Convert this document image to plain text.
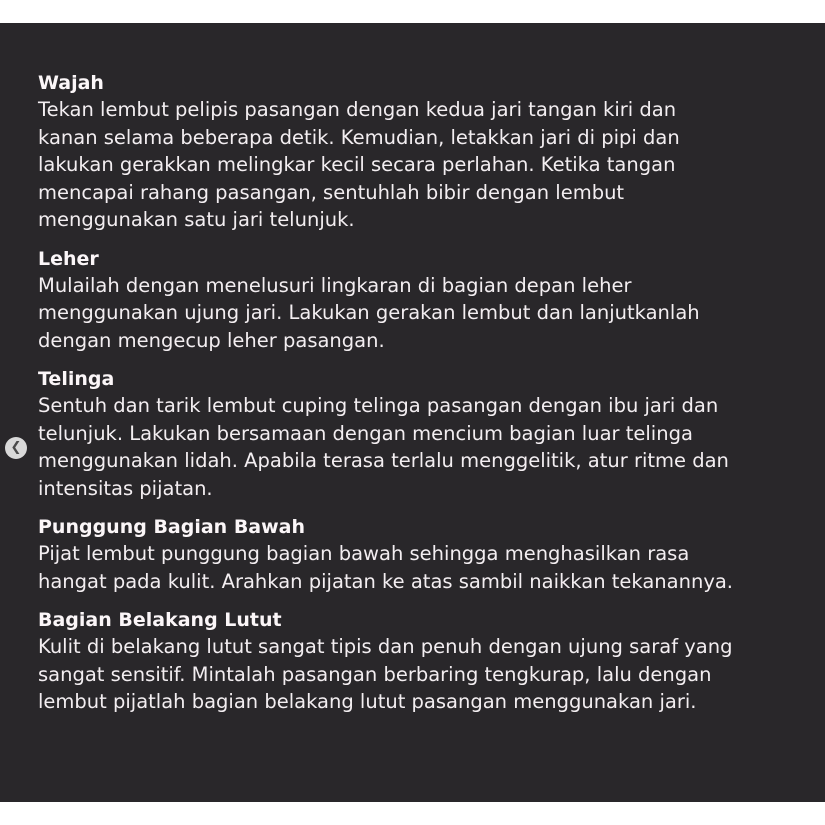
Wajah

Tekan lembut pelipis pasangan dengan kedua jari tangan kiri dan
kanan selama beberapa detik. Kemudian, letakkan jari di pipi dan
lakukan gerakkan melingkar kecil secara perlahan. Ketika tangan
mencapai rahang pasangan, sentuhlah bibir dengan lembut
menggunakan satu jari telunjuk.

Leher

Mulailah dengan menelusuri lingkaran di bagian depan leher
menggunakan ujung jari. Lakukan gerakan lembut dan lanjutkanlah
dengan mengecup leher pasangan.

Telinga

Sentuh dan tarik lembut cuping telinga pasangan dengan ibu jari dan
telunjuk. Lakukan bersamaan dengan mencium bagian luar telinga
menggunakan lidah. Apabila terasa terlalu menggelitik, atur ritme dan
intensitas pijatan.

Punggung Bagian Bawah

Pijat lembut punggung bagian bawah sehingga menghasilkan rasa
hangat pada kulit. Arahkan pijatan ke atas sambil naikkan tekanannya.

Bagian Belakang Lutut

Kulit di belakang lutut sangat tipis dan penuh dengan ujung saraf yang
sangat sensitif. Mintalah pasangan berbaring tengkurap, lalu dengan
lembut pijatlah bagian belakang lutut pasangan menggunakan jari.

❮
